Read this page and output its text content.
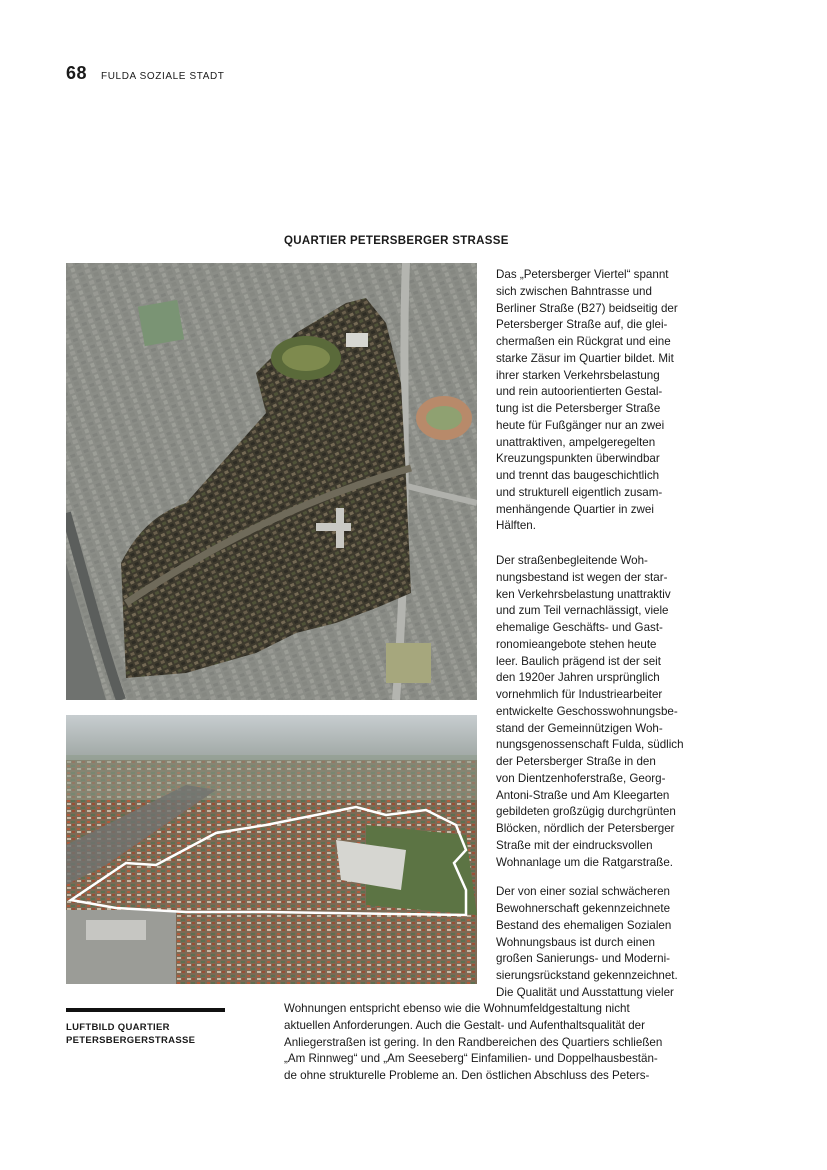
68 FULDA SOZIALE STADT
QUARTIER PETERSBERGER STRASSE
LUFTBILD QUARTIER
PETERSBERGERSTRASSE
Das „Petersberger Viertel“ spannt
sich zwischen Bahntrasse und
Berliner Straße (B27) beidseitig der
Petersberger Straße auf, die glei-
chermaßen ein Rückgrat und eine
starke Zäsur im Quartier bildet. Mit
ihrer starken Verkehrsbelastung
und rein autoorientierten Gestal-
tung ist die Petersberger Straße
heute für Fußgänger nur an zwei
unattraktiven, ampelgeregelten
Kreuzungspunkten überwindbar
und trennt das baugeschichtlich
und strukturell eigentlich zusam-
menhängende Quartier in zwei
Hälften.
Der straßenbegleitende Woh-
nungsbestand ist wegen der star-
ken Verkehrsbelastung unattraktiv
und zum Teil vernachlässigt, viele
ehemalige Geschäfts- und Gast-
ronomieangebote stehen heute
leer. Baulich prägend ist der seit
den 1920er Jahren ursprünglich
vornehmlich für Industriearbeiter
entwickelte Geschosswohnungsbe-
stand der Gemeinnützigen Woh-
nungsgenossenschaft Fulda, südlich
der Petersberger Straße in den
von Dientzenhoferstraße, Georg-
Antoni-Straße und Am Kleegarten
gebildeten großzügig durchgrünten
Blöcken, nördlich der Petersberger
Straße mit der eindrucksvollen
Wohnanlage um die Ratgarstraße.
Der von einer sozial schwächeren
Bewohnerschaft gekennzeichnete
Bestand des ehemaligen Sozialen
Wohnungsbaus ist durch einen
großen Sanierungs- und Moderni-
sierungsrückstand gekennzeichnet.
Die Qualität und Ausstattung vieler
Wohnungen entspricht ebenso wie die Wohnumfeldgestaltung nicht
aktuellen Anforderungen. Auch die Gestalt- und Aufenthaltsqualität der
Anliegerstraßen ist gering. In den Randbereichen des Quartiers schließen
„Am Rinnweg“ und „Am Seeseberg“ Einfamilien- und Doppelhausbestän-
de ohne strukturelle Probleme an. Den östlichen Abschluss des Peters-
